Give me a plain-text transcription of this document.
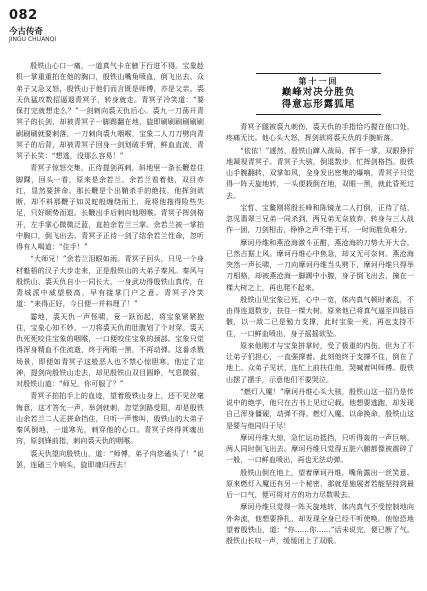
082
今古传奇
JINGU CHUANQI

殷铁山心口一痛，一道真气卡在腋下行进不得。宝象趁机一掌重重拍在他的胸口，殷铁山嘴角喷血，倒飞出去。众弟子又急又怒，殷铁山于他们而言既是师傅，亦是父亲。裘天仇猛攻数招逼退青冥子，转身就走。青冥子冷笑道：“要保打完就想走么？”一剑刺向裘天仇后心。裘九一刀荡开青冥子的长剑，却被青冥子一脚踢翻在地，旋即刷刷刷刷刷刷刷刷刷就要刺落，一刀刺向裘九咽喉，宝象二人刀刀劈向青冥子的后背，却被青冥子回身一剑划破手臂，鲜血直流，青冥子长笑：“想逃，没那么容易！”

青冥子惊怒交集，正待提剑再刺，斜地里一条长鞭卷住脚踝，回头一看，原来是余若兰。余若兰看着他，双目赤红，显然要拼命。那长鞭是个出鞘杀手的绝技，他挥剑欲断，却不料那鞭子如灵蛇般缠绕而上，竟将他拖得险些失足，只好顺势而退。长鞭出手后刺向他咽喉。青冥子挥剑格开，左手掌心微微泛蓝，直拍余若兰三掌。余若兰被一掌拍中胸口，倒飞出去。青冥子正待一剑了结余若兰性命，忽听得有人喝道：“住手！”

“大师兄！”余若兰泪眼如雨。青冥子回头，只见一个身材魁梧的汉子大步走来，正是殷铁山的大弟子秦风。秦风与殷铁山、裘天仇自小一同长大，一身武功得殷铁山真传，在青城派中威望极高，早有接掌门户之意。青冥子冷笑道：“来得正好，今日便一并料理了！”

霎地，裘天仇一声怪啸，竟一跃而起，将宝象紧紧抱住，宝象心知不妙，一刀将裘天仇的肚腹划了个对穿。裘天仇死死咬住宝象的咽喉，一口便咬住宝象的颈部。宝象只觉得浑身精血不住流逝，终于两眼一黑，不再动弹。这番杀戮场景，即便如青冥子这般恶人也不禁心惊胆寒。他定了定神，提剑向殷铁山走去，却见殷铁山双目圆睁，气息微弱，对殷铁山道：“师兄，你可服了？”

青冥子拍拍手上的血迹，望着殷铁山身上，还不见丝毫悔意，这才答允一声，举剑就刺，忽觉剑路受阻，却是殷铁山余若兰二人正拼命挡住，只听一声惨叫，殷铁山的大弟子秦风倒地，一道寒光，刺穿他的心口。青冥子终得其魂出窍，原剑锋前指，刺向裘天仇的咽喉。

裘天仇望向殷铁山，道：“师傅，弟子向您磕头了！”说罢，连磕三个响头，旋即魂归西去！

第十一回
巅峰对决分胜负
得意忘形露狐尾

青冥子腿被裘九刺伤，裘天仇的手指恰巧握在他口处，疼痛无比。他心头大怒，挥剑欲将裘天仇的手腕斩落。

“依依！”遽然，殷铁山蹿入战局，挥手一掌，双眼狰狞地凝视青冥子。青冥子大骇，倒退数步，忙挥剑格挡。殷铁山手腕翻转，双掌如风，全身发出密集的爆响，青冥子只觉得一阵天旋地转，一头便栽倒在地，双眼一黑，就此昏死过去。

宝哲、宝鳌刚将殷长峰和陈镜龙二人打倒，正待了结，忽见翡翠三兄弟一同杀到，两兄弟无奈放弃，转身与三人战作一团，刀剑相击，铮铮之声不绝于耳，一时间胜负难分。

摩诃丹维和燕沧海激斗正酣，燕沧海的刀势大开大合，已然占据上风。摩诃丹维心中焦急，却又无可奈何。燕沧海突然一声长啸，一刀向摩诃丹维当头劈下，摩诃丹维只得举刀相格，却被燕沧海一脚踢中小腹，身子倒飞出去，撞在一棵大树之上，再也爬不起来。

殷铁山见宝象已死，心中一宽，体内真气顿时紊乱，不由得连退数步，扶住一棵大树。原来他已将真气逼至四肢百骸，以一敌二已是勉力支撑，此时宝象一死，再也支持不住，一口鲜血喷出，身子摇摇欲坠。

原来他刚才与宝象拼掌时，受了极重的内伤，但为了不让弟子们担心，一直强撑着。此刻他终于支撑不住，倒在了地上。众弟子见状，连忙上前扶住他，哭喊着叫师傅。殷铁山摆了摆手，示意他们不要哭泣。

“燃灯入魔！”摩诃丹维心头大骇，殷铁山这一招乃是传说中的绝学，他只在古书上见过记载。他想要逃跑，却发现自己浑身僵硬，动弹不得。燃灯入魔，以命换命，殷铁山这是要与他同归于尽！

摩诃丹维大惊，急忙运功抵挡，只听得轰的一声巨响，两人同时倒飞出去。摩诃丹维只觉得五脏六腑都像被震碎了一般，一口鲜血喷出，再也无法动弹。

殷铁山倒在地上，望着摩诃丹维，嘴角露出一丝笑意。原来燃灯入魔还有另一个秘密，那就是施展者若能坚持到最后一口气，便可将对方的功力尽数吸去。

摩诃丹维只觉得一阵天旋地转，体内真气不受控制地向外奔流，他想要挣扎，却发现全身已经不听使唤。他惊恐地望着殷铁山，道：“你……你……”话未说完，便已断了气。殷铁山长叹一声，缓缓闭上了双眼。
